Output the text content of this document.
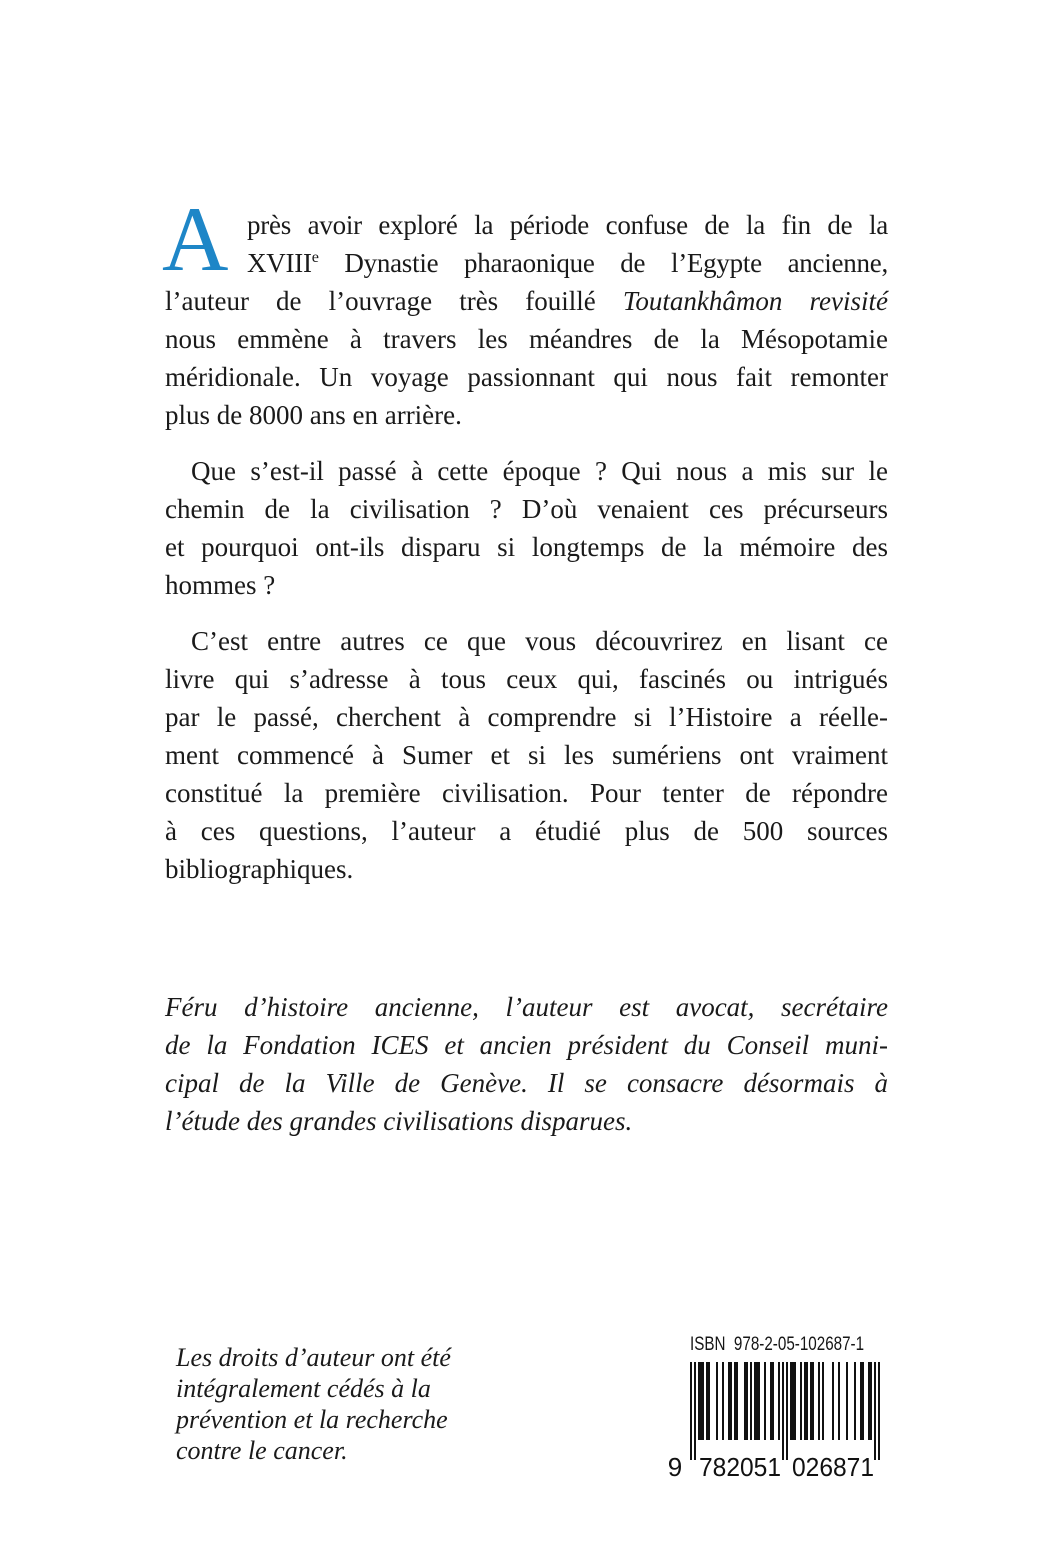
A près avoir exploré la période confuse de la fin de la
XVIIIe Dynastie pharaonique de l’Egypte ancienne,
l’auteur de l’ouvrage très fouillé Toutankhâmon revisité
nous emmène à travers les méandres de la Mésopotamie
méridionale. Un voyage passionnant qui nous fait remonter
plus de 8000 ans en arrière.
Que s’est-il passé à cette époque ? Qui nous a mis sur le
chemin de la civilisation ? D’où venaient ces précurseurs
et pourquoi ont-ils disparu si longtemps de la mémoire des
hommes ?
C’est entre autres ce que vous découvrirez en lisant ce
livre qui s’adresse à tous ceux qui, fascinés ou intrigués
par le passé, cherchent à comprendre si l’Histoire a réelle-
ment commencé à Sumer et si les sumériens ont vraiment
constitué la première civilisation. Pour tenter de répondre
à ces questions, l’auteur a étudié plus de 500 sources
bibliographiques.
Féru d’histoire ancienne, l’auteur est avocat, secrétaire
de la Fondation ICES et ancien président du Conseil muni-
cipal de la Ville de Genève. Il se consacre désormais à
l’étude des grandes civilisations disparues.
Les droits d’auteur ont été
intégralement cédés à la
prévention et la recherche
contre le cancer.
ISBN  978-2-05-102687-1
9 782051 026871
